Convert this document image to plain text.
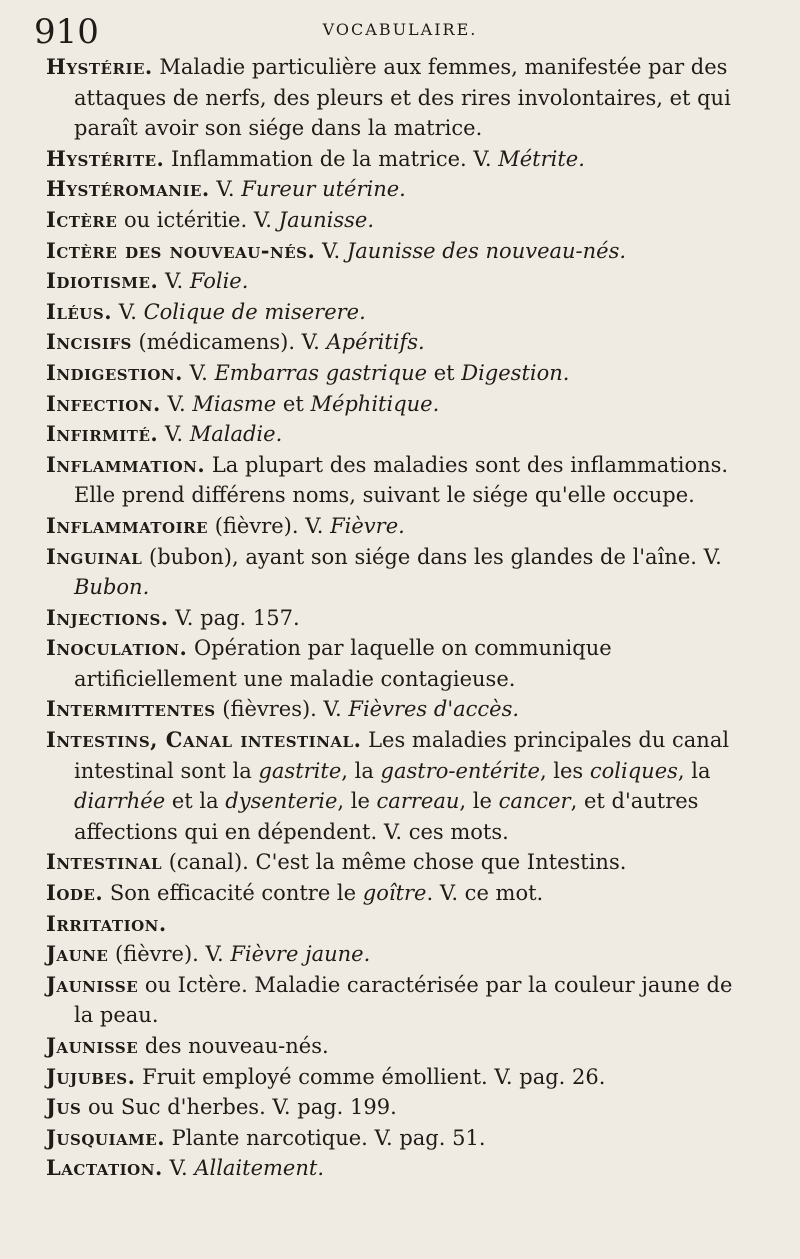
910	VOCABULAIRE.

Hystérie. Maladie particulière aux femmes, manifestée par des attaques de nerfs, des pleurs et des rires involontaires, et qui paraît avoir son siége dans la matrice.

Hystérite. Inflammation de la matrice. V. Métrite.

Hystéromanie. V. Fureur utérine.

Ictère ou ictéritie. V. Jaunisse.

Ictère des nouveau-nés. V. Jaunisse des nouveau-nés.

Idiotisme. V. Folie.

Iléus. V. Colique de miserere.

Incisifs (médicamens). V. Apéritifs.

Indigestion. V. Embarras gastrique et Digestion.

Infection. V. Miasme et Méphitique.

Infirmité. V. Maladie.

Inflammation. La plupart des maladies sont des inflammations. Elle prend différens noms, suivant le siége qu'elle occupe.

Inflammatoire (fièvre). V. Fièvre.

Inguinal (bubon), ayant son siége dans les glandes de l'aîne. V. Bubon.

Injections. V. pag. 157.

Inoculation. Opération par laquelle on communique artificiellement une maladie contagieuse.

Intermittentes (fièvres). V. Fièvres d'accès.

Intestins, Canal intestinal. Les maladies principales du canal intestinal sont la gastrite, la gastro-entérite, les coliques, la diarrhée et la dysenterie, le carreau, le cancer, et d'autres affections qui en dépendent. V. ces mots.

Intestinal (canal). C'est la même chose que Intestins.

Iode. Son efficacité contre le goître. V. ce mot.

Irritation.

Jaune (fièvre). V. Fièvre jaune.

Jaunisse ou Ictère. Maladie caractérisée par la couleur jaune de la peau.

Jaunisse des nouveau-nés.

Jujubes. Fruit employé comme émollient. V. pag. 26.

Jus ou Suc d'herbes. V. pag. 199.

Jusquiame. Plante narcotique. V. pag. 51.

Lactation. V. Allaitement.
